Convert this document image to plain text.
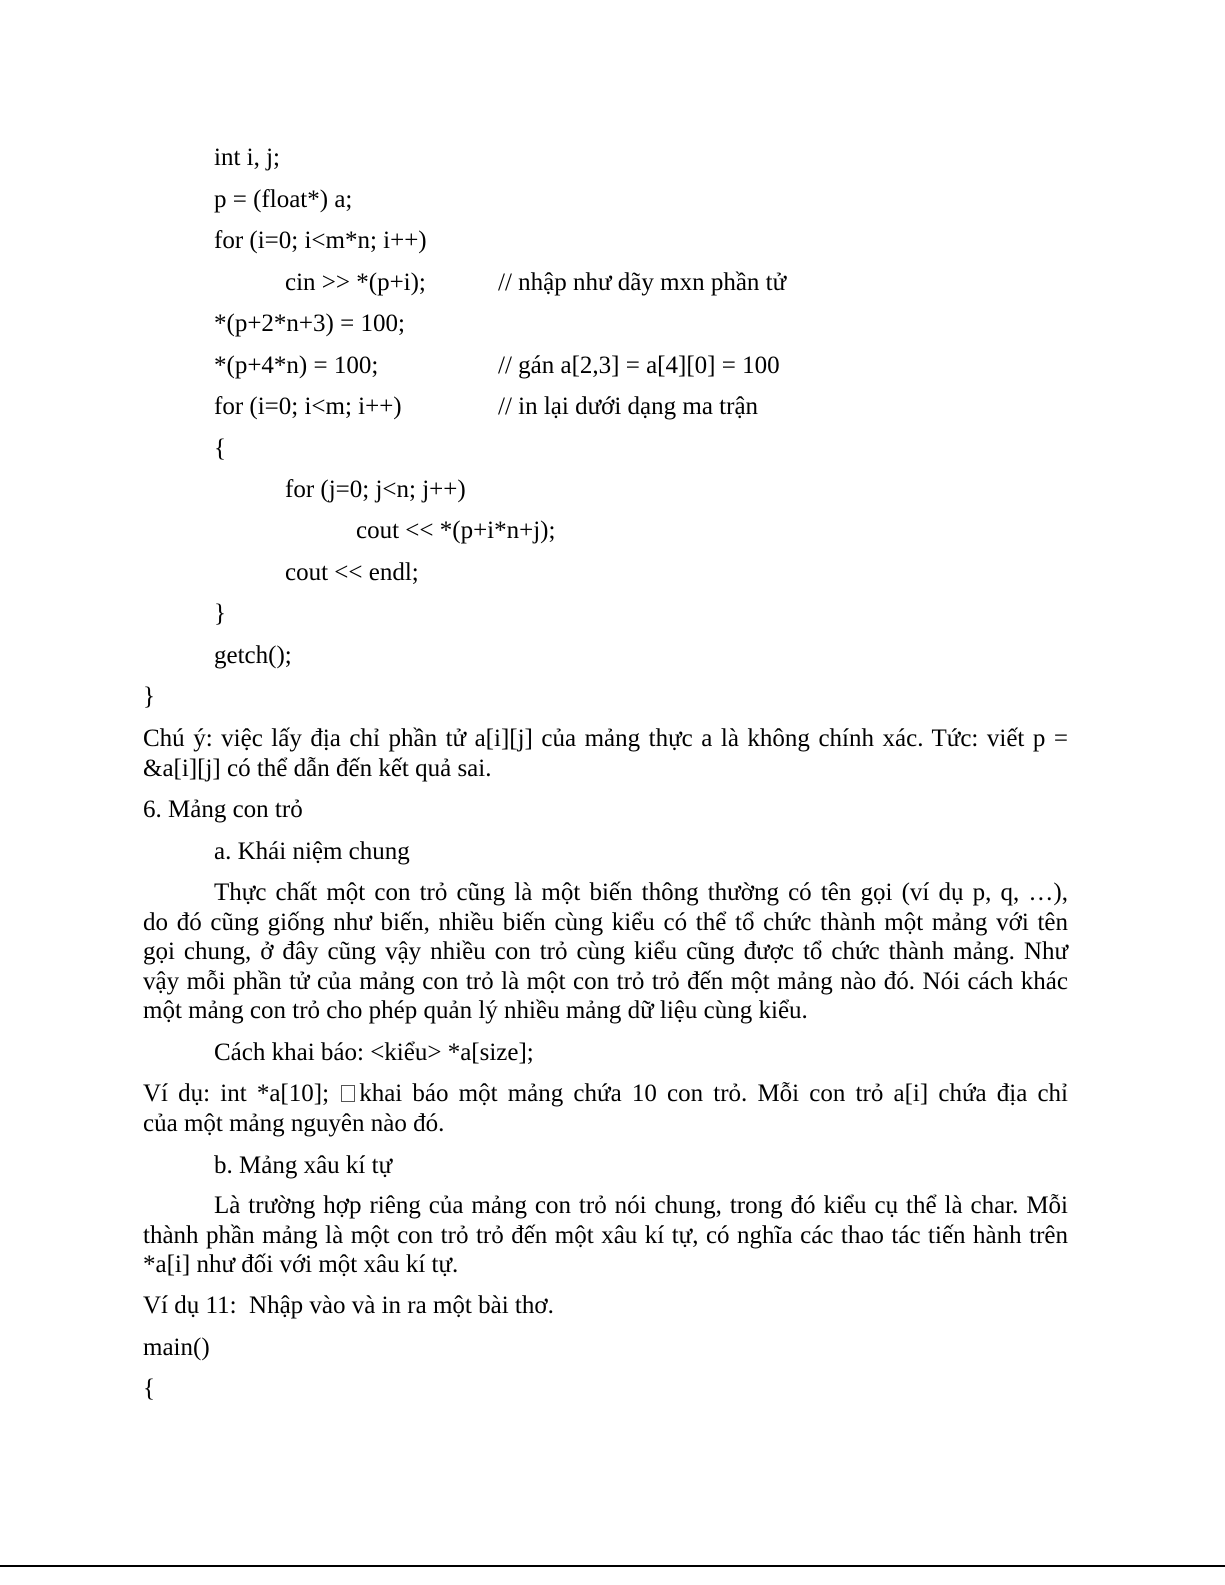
int i, j;
p = (float*) a;
for (i=0; i<m*n; i++)
cin >> *(p+i);	// nhập như dãy mxn phần tử
*(p+2*n+3) = 100;
*(p+4*n) = 100;	// gán a[2,3] = a[4][0] = 100
for (i=0; i<m; i++)	// in lại dưới dạng ma trận
{
for (j=0; j<n; j++)
cout << *(p+i*n+j);
cout << endl;
}
getch();
}
Chú ý: việc lấy địa chỉ phần tử a[i][j] của mảng thực a là không chính xác. Tức: viết p =
&a[i][j] có thể dẫn đến kết quả sai.
6. Mảng con trỏ
a. Khái niệm chung
Thực chất một con trỏ cũng là một biến thông thường có tên gọi (ví dụ p, q, …),
do đó cũng giống như biến, nhiều biến cùng kiểu có thể tổ chức thành một mảng với tên
gọi chung, ở đây cũng vậy nhiều con trỏ cùng kiểu cũng được tổ chức thành mảng. Như
vậy mỗi phần tử của mảng con trỏ là một con trỏ trỏ đến một mảng nào đó. Nói cách khác
một mảng con trỏ cho phép quản lý nhiều mảng dữ liệu cùng kiểu.
Cách khai báo: <kiểu> *a[size];
Ví dụ: int *a[10]; khai báo một mảng chứa 10 con trỏ. Mỗi con trỏ a[i] chứa địa chỉ
của một mảng nguyên nào đó.
b. Mảng xâu kí tự
Là trường hợp riêng của mảng con trỏ nói chung, trong đó kiểu cụ thể là char. Mỗi
thành phần mảng là một con trỏ trỏ đến một xâu kí tự, có nghĩa các thao tác tiến hành trên
*a[i] như đối với một xâu kí tự.
Ví dụ 11:  Nhập vào và in ra một bài thơ.
main()
{
